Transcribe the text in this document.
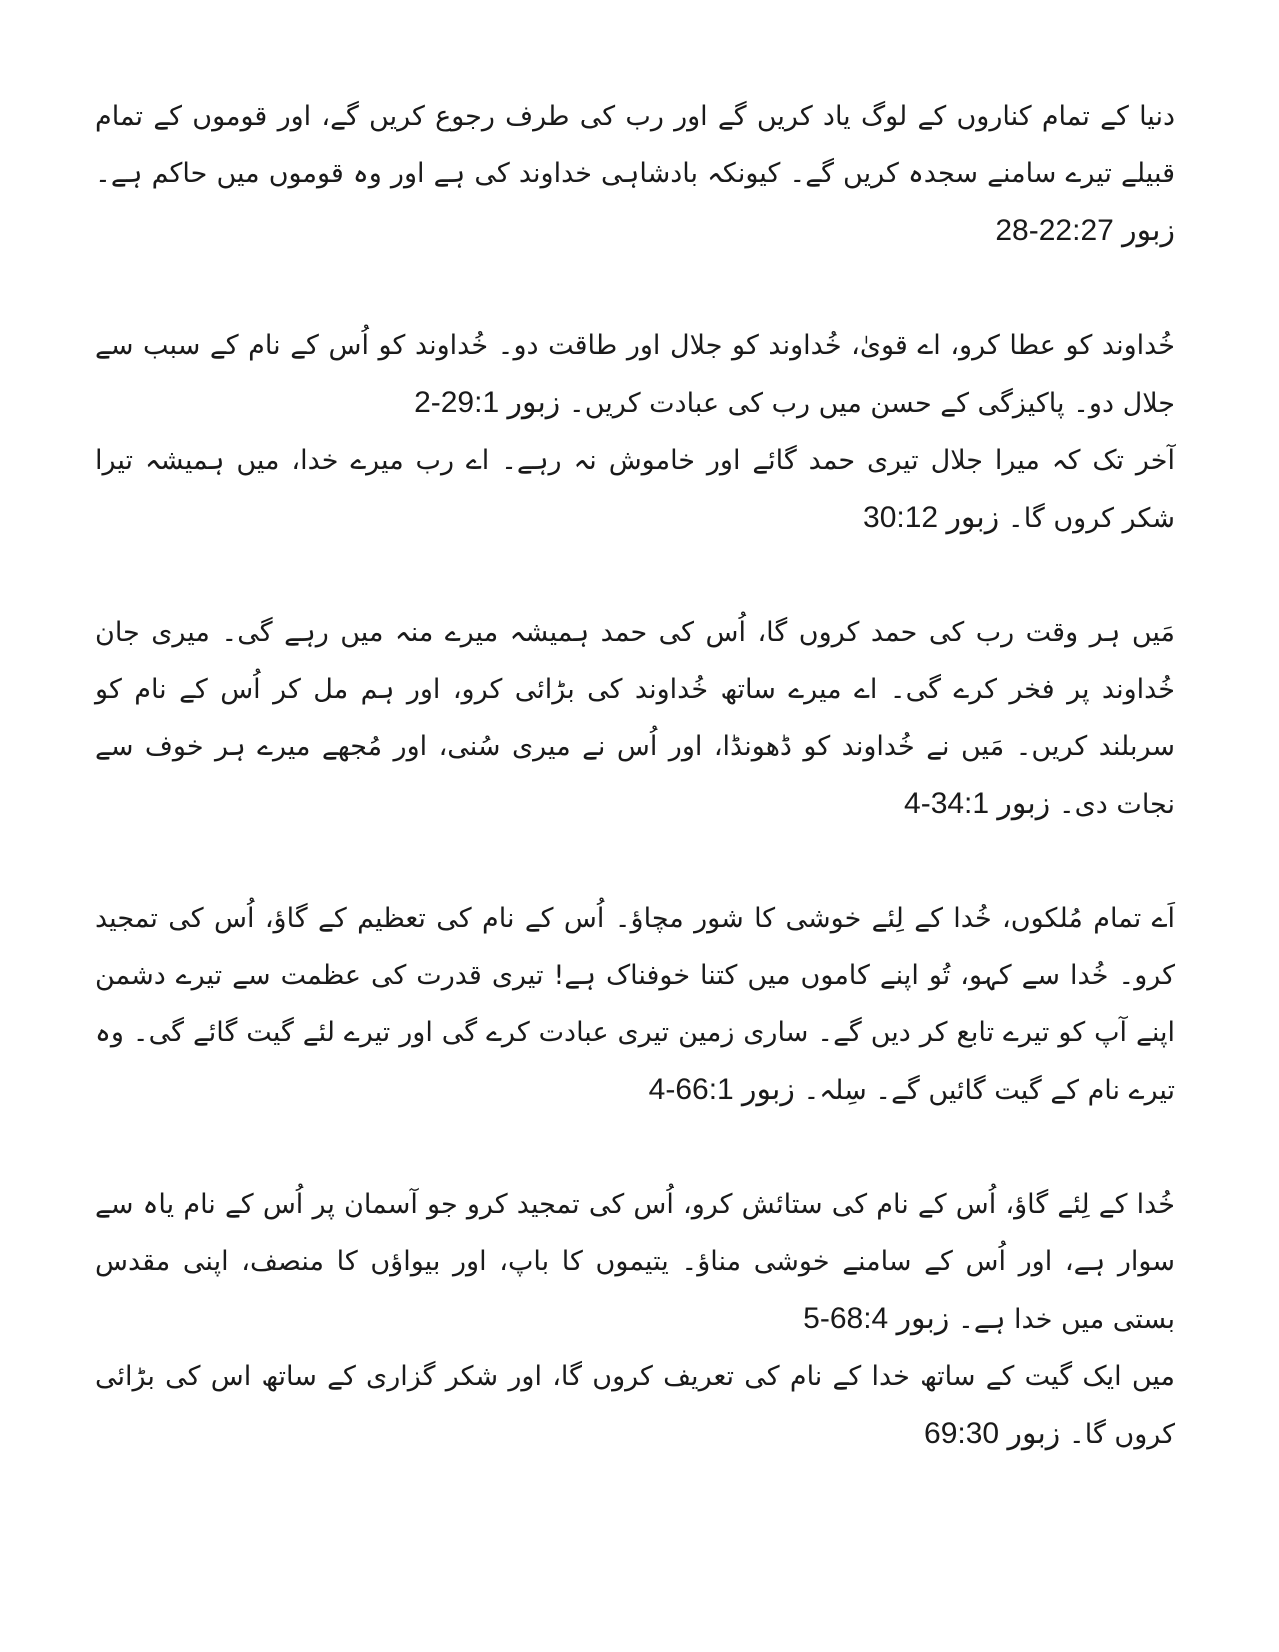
دنیا کے تمام کناروں کے لوگ یاد کریں گے اور رب کی طرف رجوع کریں گے، اور قوموں کے تمام قبیلے تیرے سامنے سجدہ کریں گے۔ کیونکہ بادشاہی خداوند کی ہے اور وہ قوموں میں حاکم ہے۔ زبور 22:27-28

خُداوند کو عطا کرو، اے قویٰ، خُداوند کو جلال اور طاقت دو۔ خُداوند کو اُس کے نام کے سبب سے جلال دو۔ پاکیزگی کے حسن میں رب کی عبادت کریں۔ زبور 29:1-2

آخر تک کہ میرا جلال تیری حمد گائے اور خاموش نہ رہے۔ اے رب میرے خدا، میں ہمیشہ تیرا شکر کروں گا۔ زبور 30:12

مَیں ہر وقت رب کی حمد کروں گا، اُس کی حمد ہمیشہ میرے منہ میں رہے گی۔ میری جان خُداوند پر فخر کرے گی۔ اے میرے ساتھ خُداوند کی بڑائی کرو، اور ہم مل کر اُس کے نام کو سربلند کریں۔ مَیں نے خُداوند کو ڈھونڈا، اور اُس نے میری سُنی، اور مُجھے میرے ہر خوف سے نجات دی۔ زبور 34:1-4

اَے تمام مُلکوں، خُدا کے لِئے خوشی کا شور مچاؤ۔ اُس کے نام کی تعظیم کے گاؤ، اُس کی تمجید کرو۔ خُدا سے کہو، تُو اپنے کاموں میں کتنا خوفناک ہے! تیری قدرت کی عظمت سے تیرے دشمن اپنے آپ کو تیرے تابع کر دیں گے۔ ساری زمین تیری عبادت کرے گی اور تیرے لئے گیت گائے گی۔ وہ تیرے نام کے گیت گائیں گے۔ سِلہ۔ زبور 66:1-4

خُدا کے لِئے گاؤ، اُس کے نام کی ستائش کرو، اُس کی تمجید کرو جو آسمان پر اُس کے نام یاہ سے سوار ہے، اور اُس کے سامنے خوشی مناؤ۔ یتیموں کا باپ، اور بیواؤں کا منصف، اپنی مقدس بستی میں خدا ہے۔ زبور 68:4-5

میں ایک گیت کے ساتھ خدا کے نام کی تعریف کروں گا، اور شکر گزاری کے ساتھ اس کی بڑائی کروں گا۔ زبور 69:30
